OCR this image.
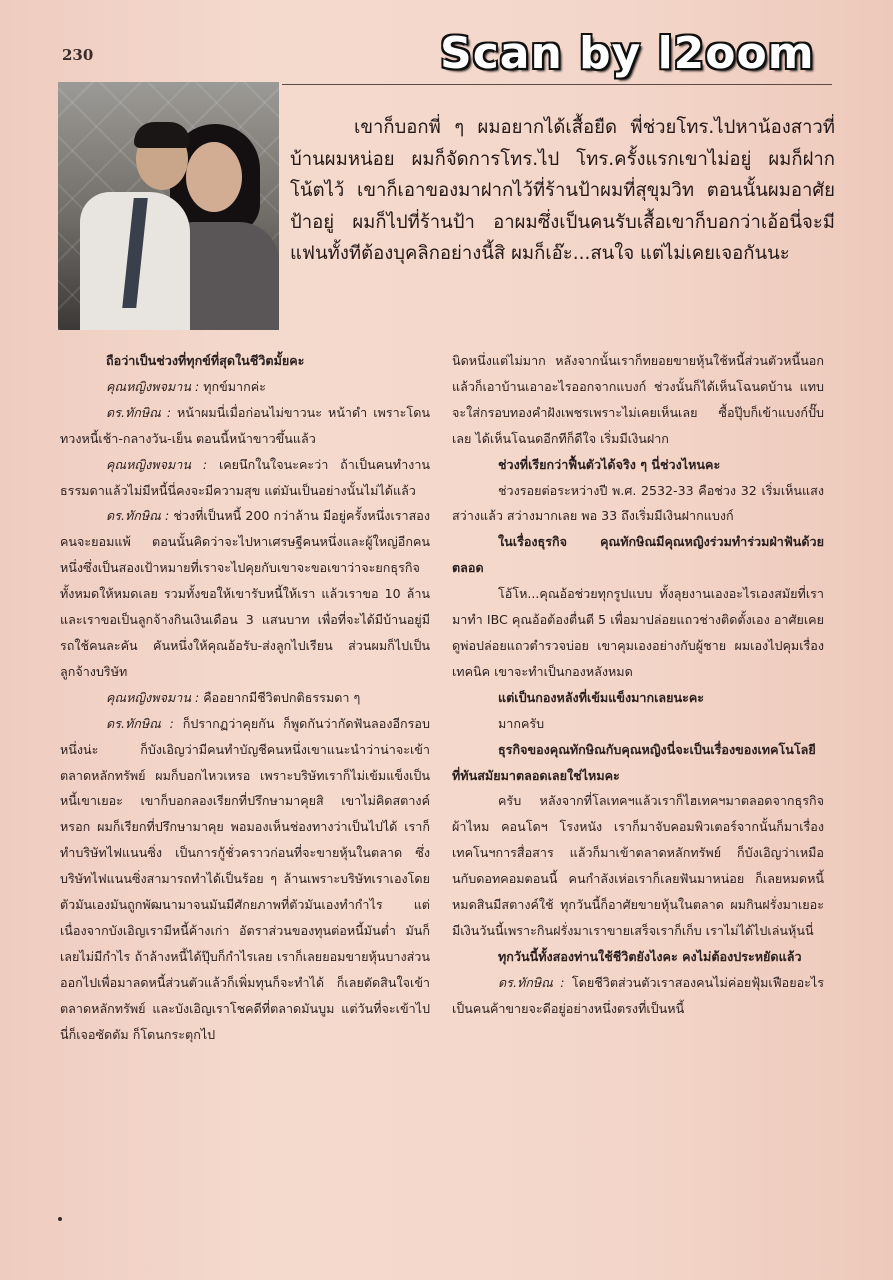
230	Scan by l2oom

เขาก็บอกพี่ ๆ ผมอยากได้เสื้อยืด พี่ช่วยโทร.ไปหาน้องสาวที่บ้านผมหน่อย ผมก็จัดการโทร.ไป โทร.ครั้งแรกเขาไม่อยู่ ผมก็ฝากโน้ตไว้ เขาก็เอาของมาฝากไว้ที่ร้านป้าผมที่สุขุมวิท ตอนนั้นผมอาศัยป้าอยู่ ผมก็ไปที่ร้านป้า อาผมซึ่งเป็นคนรับเสื้อเขาก็บอกว่าเอ้อนี่จะมีแฟนทั้งทีต้องบุคลิกอย่างนี้สิ ผมก็เอ๊ะ...สนใจ แต่ไม่เคยเจอกันนะ

ถือว่าเป็นช่วงที่ทุกข์ที่สุดในชีวิตมั้ยคะ

คุณหญิงพจมาน : ทุกข์มากค่ะ

ดร.ทักษิณ : หน้าผมนี่เมื่อก่อนไม่ขาวนะ หน้าดำ เพราะโดนทวงหนี้เช้า-กลางวัน-เย็น ตอนนี้หน้าขาวขึ้นแล้ว

คุณหญิงพจมาน : เคยนึกในใจนะคะว่า ถ้าเป็นคนทำงานธรรมดาแล้วไม่มีหนี้นี่คงจะมีความสุข แต่มันเป็นอย่างนั้นไม่ได้แล้ว

ดร.ทักษิณ : ช่วงที่เป็นหนี้ 200 กว่าล้าน มีอยู่ครั้งหนึ่งเราสองคนจะยอมแพ้ ตอนนั้นคิดว่าจะไปหาเศรษฐีคนหนึ่งและผู้ใหญ่อีกคนหนึ่งซึ่งเป็นสองเป้าหมายที่เราจะไปคุยกับเขาจะขอเขาว่าจะยกธุรกิจทั้งหมดให้หมดเลย รวมทั้งขอให้เขารับหนี้ให้เรา แล้วเราขอ 10 ล้าน และเราขอเป็นลูกจ้างกินเงินเดือน 3 แสนบาท เพื่อที่จะได้มีบ้านอยู่มีรถใช้คนละคัน คันหนึ่งให้คุณอ้อรับ-ส่งลูกไปเรียน ส่วนผมก็ไปเป็นลูกจ้างบริษัท

คุณหญิงพจมาน : คืออยากมีชีวิตปกติธรรมดา ๆ

ดร.ทักษิณ : ก็ปรากฏว่าคุยกัน ก็พูดกันว่ากัดฟันลองอีกรอบหนึ่งน่ะ ก็บังเอิญว่ามีคนทำบัญชีคนหนึ่งเขาแนะนำว่าน่าจะเข้าตลาดหลักทรัพย์ ผมก็บอกไหวเหรอ เพราะบริษัทเราก็ไม่เข้มแข็งเป็นหนี้เขาเยอะ เขาก็บอกลองเรียกที่ปรึกษามาคุยสิ เขาไม่คิดสตางค์หรอก ผมก็เรียกที่ปรึกษามาคุย พอมองเห็นช่องทางว่าเป็นไปได้ เราก็ทำบริษัทไฟแนนซิ่ง เป็นการกู้ชั่วคราวก่อนที่จะขายหุ้นในตลาด ซึ่งบริษัทไฟแนนซิ่งสามารถทำได้เป็นร้อย ๆ ล้านเพราะบริษัทเราเองโดยตัวมันเองมันถูกพัฒนามาจนมันมีศักยภาพที่ตัวมันเองทำกำไร แต่เนื่องจากบังเอิญเรามีหนี้ค้างเก่า อัตราส่วนของทุนต่อหนี้มันต่ำ มันก็เลยไม่มีกำไร ถ้าล้างหนี้ได้ปุ๊บก็กำไรเลย เราก็เลยยอมขายหุ้นบางส่วนออกไปเพื่อมาลดหนี้ส่วนตัวแล้วก็เพิ่มทุนก็จะทำได้ ก็เลยตัดสินใจเข้าตลาดหลักทรัพย์ และบังเอิญเราโชคดีที่ตลาดมันบูม แต่วันที่จะเข้าไปนี่ก็เจอซัดดัม ก็โดนกระตุกไป

นิดหนึ่งแต่ไม่มาก หลังจากนั้นเราก็ทยอยขายหุ้นใช้หนี้ส่วนตัวหนี้นอก แล้วก็เอาบ้านเอาอะไรออกจากแบงก์ ช่วงนั้นก็ได้เห็นโฉนดบ้าน แทบจะใส่กรอบทองคำฝังเพชรเพราะไม่เคยเห็นเลย ซื้อปุ๊บก็เข้าแบงก์ปั๊บเลย ได้เห็นโฉนดอีกทีก็ดีใจ เริ่มมีเงินฝาก

ช่วงที่เรียกว่าฟื้นตัวได้จริง ๆ นี่ช่วงไหนคะ

ช่วงรอยต่อระหว่างปี พ.ศ. 2532-33 คือช่วง 32 เริ่มเห็นแสงสว่างแล้ว สว่างมากเลย พอ 33 ถึงเริ่มมีเงินฝากแบงก์

ในเรื่องธุรกิจ คุณทักษิณมีคุณหญิงร่วมทำร่วมฝ่าฟันด้วยตลอด

โอ้โห...คุณอ้อช่วยทุกรูปแบบ ทั้งลุยงานเองอะไรเองสมัยที่เรามาทำ IBC คุณอ้อต้องตื่นตี 5 เพื่อมาปล่อยแถวช่างติดตั้งเอง อาศัยเคยดูพ่อปล่อยแถวตำรวจบ่อย เขาคุมเองอย่างกับผู้ชาย ผมเองไปคุมเรื่องเทคนิค เขาจะทำเป็นกองหลังหมด

แต่เป็นกองหลังที่เข้มแข็งมากเลยนะคะ

มากครับ

ธุรกิจของคุณทักษิณกับคุณหญิงนี่จะเป็นเรื่องของเทคโนโลยีที่ทันสมัยมาตลอดเลยใช่ไหมคะ

ครับ หลังจากที่โลเทคฯแล้วเราก็ไฮเทคฯมาตลอดจากธุรกิจผ้าไหม คอนโดฯ โรงหนัง เราก็มาจับคอมพิวเตอร์จากนั้นก็มาเรื่องเทคโนฯการสื่อสาร แล้วก็มาเข้าตลาดหลักทรัพย์ ก็บังเอิญว่าเหมือนกับดอทคอมตอนนี้ คนกำลังเห่อเราก็เลยฟันมาหน่อย ก็เลยหมดหนี้หมดสินมีสตางค์ใช้ ทุกวันนี้ก็อาศัยขายหุ้นในตลาด ผมกินฝรั่งมาเยอะ มีเงินวันนี้เพราะกินฝรั่งมาเราขายเสร็จเราก็เก็บ เราไม่ได้ไปเล่นหุ้นนี่

ทุกวันนี้ทั้งสองท่านใช้ชีวิตยังไงคะ คงไม่ต้องประหยัดแล้ว

ดร.ทักษิณ : โดยชีวิตส่วนตัวเราสองคนไม่ค่อยฟุ้มเฟือยอะไร เป็นคนค้าขายจะดีอยู่อย่างหนึ่งตรงที่เป็นหนี้
